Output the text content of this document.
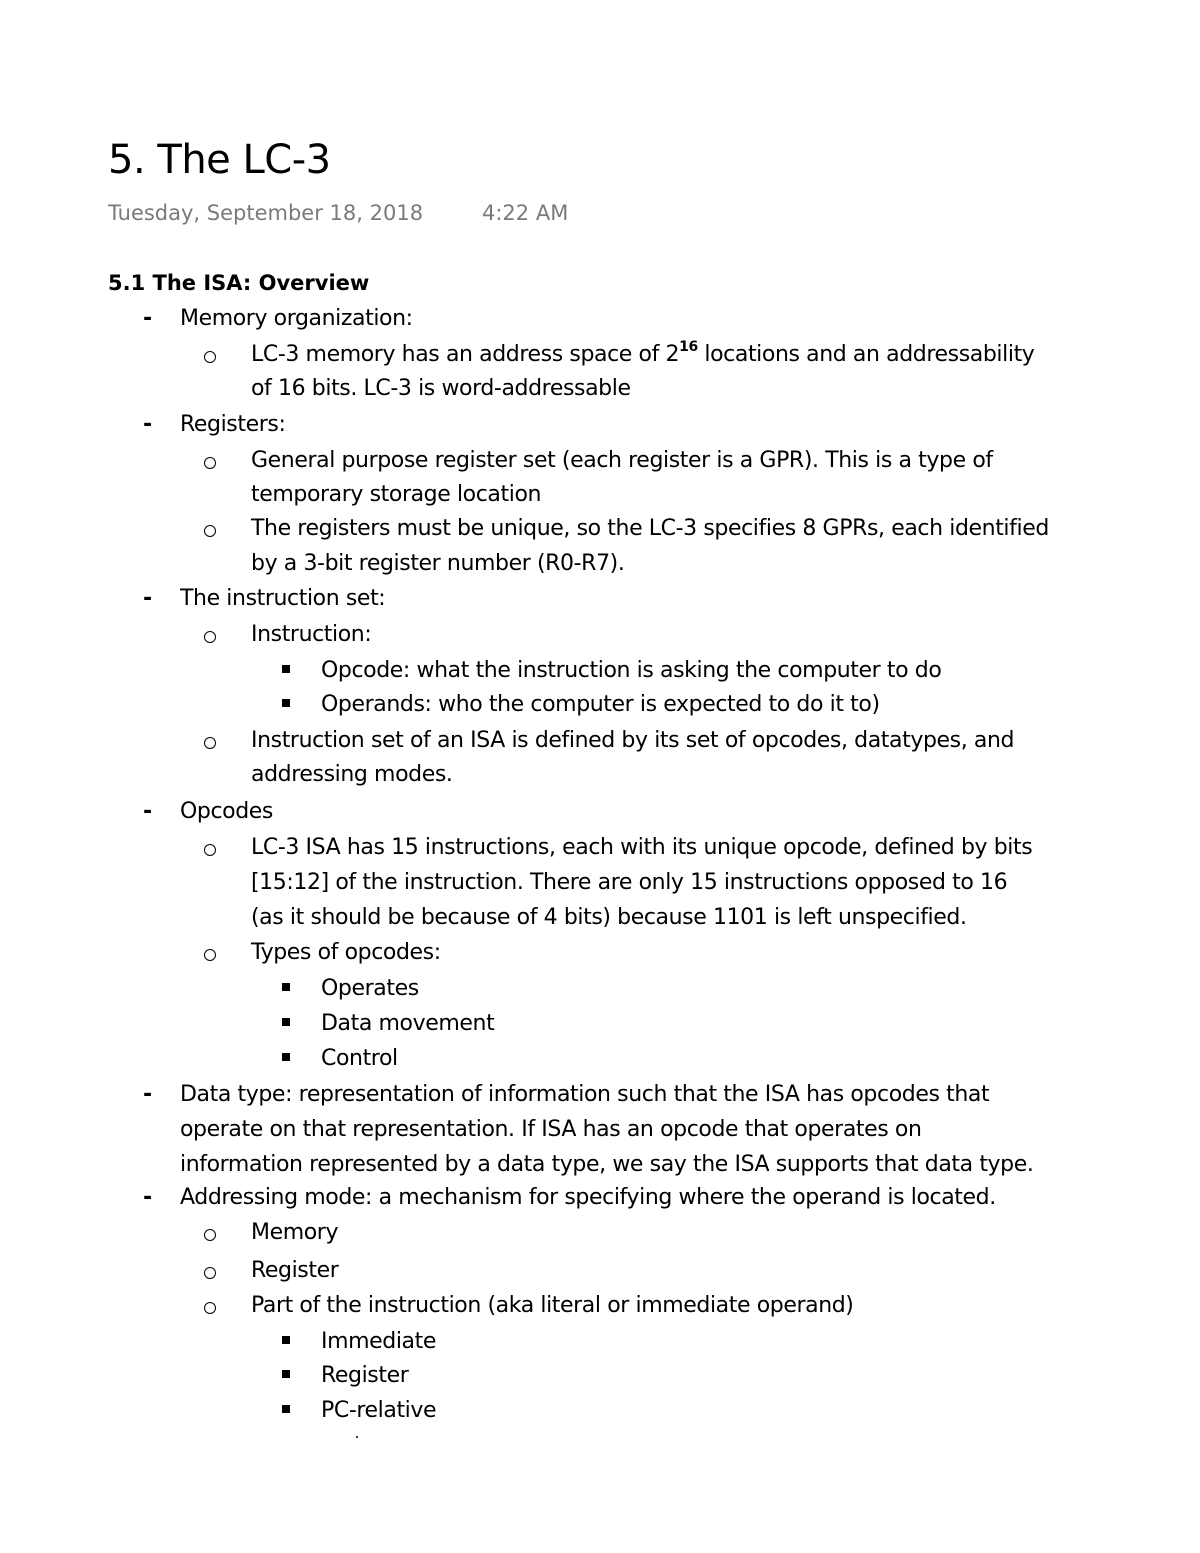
5. The LC-3
Tuesday, September 18, 2018	4:22 AM
5.1 The ISA: Overview
- Memory organization:
LC-3 memory has an address space of $2^{16}$ locations and an addressability
of 16 bits. LC-3 is word-addressable
- Registers:
General purpose register set (each register is a GPR). This is a type of
temporary storage location
The registers must be unique, so the LC-3 specifies 8 GPRs, each identified
by a 3-bit register number (R0-R7).
- The instruction set:
Instruction:
Opcode: what the instruction is asking the computer to do
Operands: who the computer is expected to do it to)
Instruction set of an ISA is defined by its set of opcodes, datatypes, and
addressing modes.
- Opcodes
LC-3 ISA has 15 instructions, each with its unique opcode, defined by bits
[15:12] of the instruction. There are only 15 instructions opposed to 16
(as it should be because of 4 bits) because 1101 is left unspecified.
Types of opcodes:
Operates
Data movement
Control
- Data type: representation of information such that the ISA has opcodes that
operate on that representation. If ISA has an opcode that operates on
information represented by a data type, we say the ISA supports that data type.
- Addressing mode: a mechanism for specifying where the operand is located.
Memory
Register
Part of the instruction (aka literal or immediate operand)
Immediate
Register
PC-relative
